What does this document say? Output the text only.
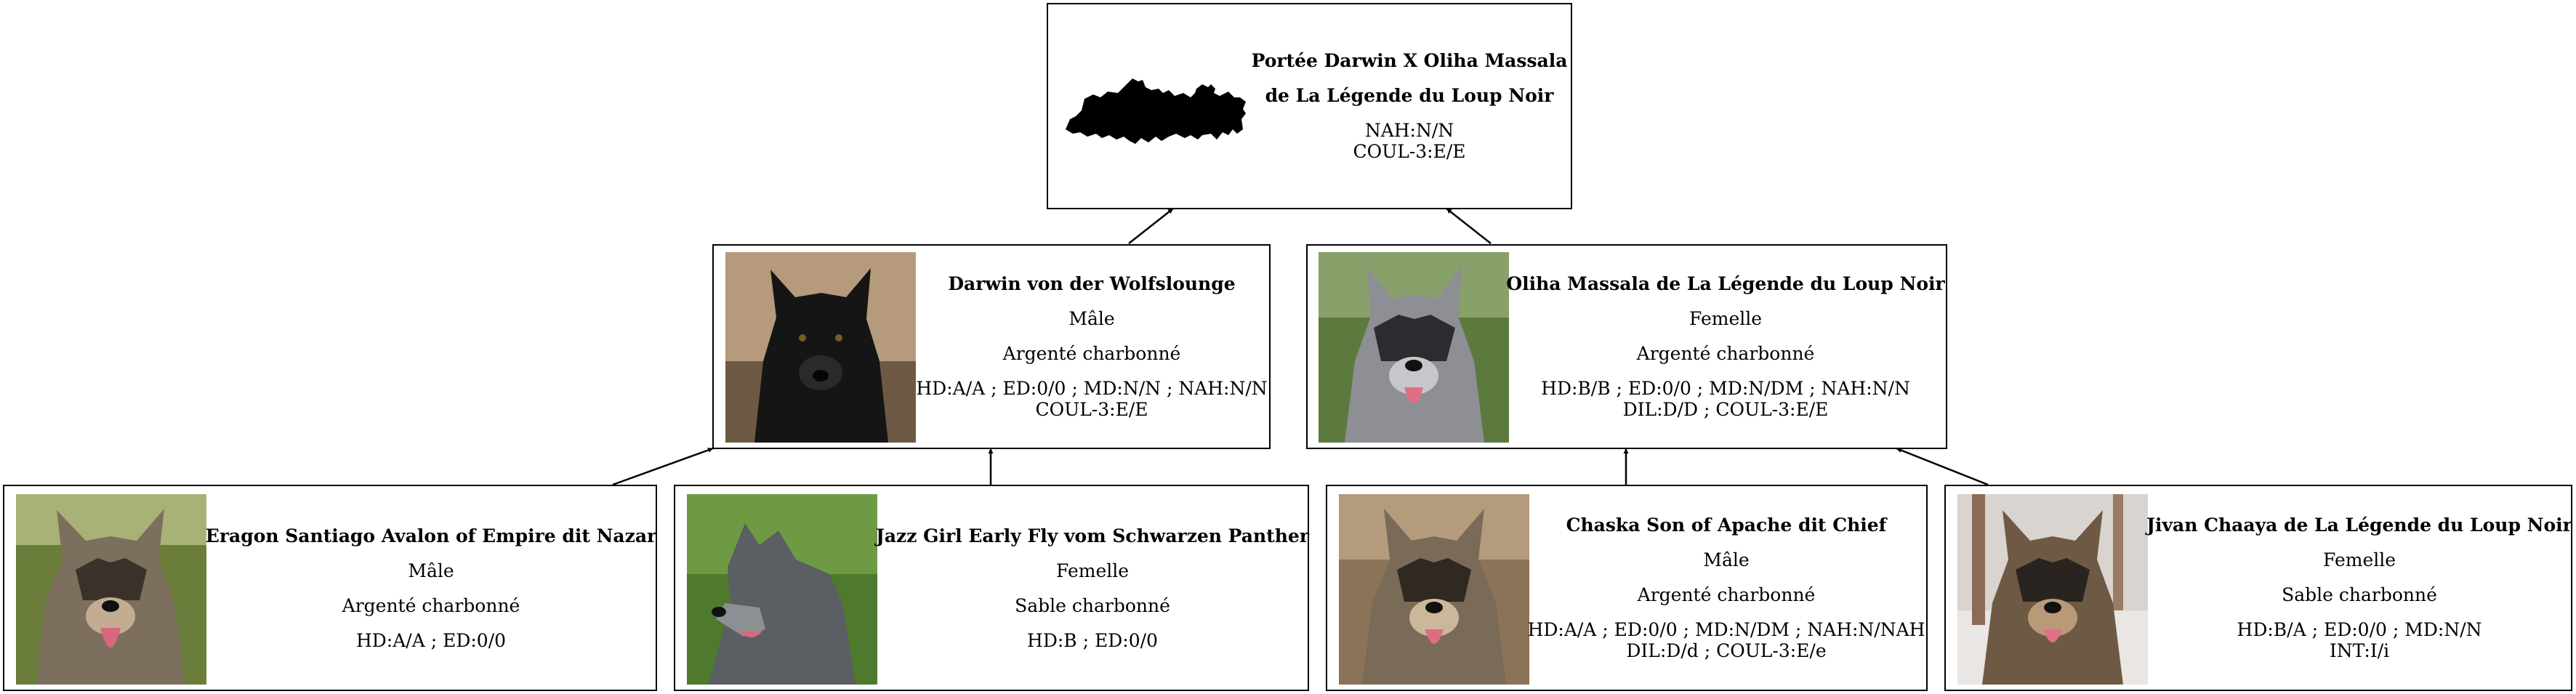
Portée Darwin X Oliha Massala
de La Légende du Loup Noir
NAH:N/N
COUL-3:E/E
Darwin von der Wolfslounge
Mâle
Argenté charbonné
HD:A/A ; ED:0/0 ; MD:N/N ; NAH:N/N
COUL-3:E/E
Oliha Massala de La Légende du Loup Noir
Femelle
Argenté charbonné
HD:B/B ; ED:0/0 ; MD:N/DM ; NAH:N/N
DIL:D/D ; COUL-3:E/E
Eragon Santiago Avalon of Empire dit Nazar
Mâle
Argenté charbonné
HD:A/A ; ED:0/0
Jazz Girl Early Fly vom Schwarzen Panther
Femelle
Sable charbonné
HD:B ; ED:0/0
Chaska Son of Apache dit Chief
Mâle
Argenté charbonné
HD:A/A ; ED:0/0 ; MD:N/DM ; NAH:N/NAH
DIL:D/d ; COUL-3:E/e
Jivan Chaaya de La Légende du Loup Noir
Femelle
Sable charbonné
HD:B/A ; ED:0/0 ; MD:N/N
INT:I/i
